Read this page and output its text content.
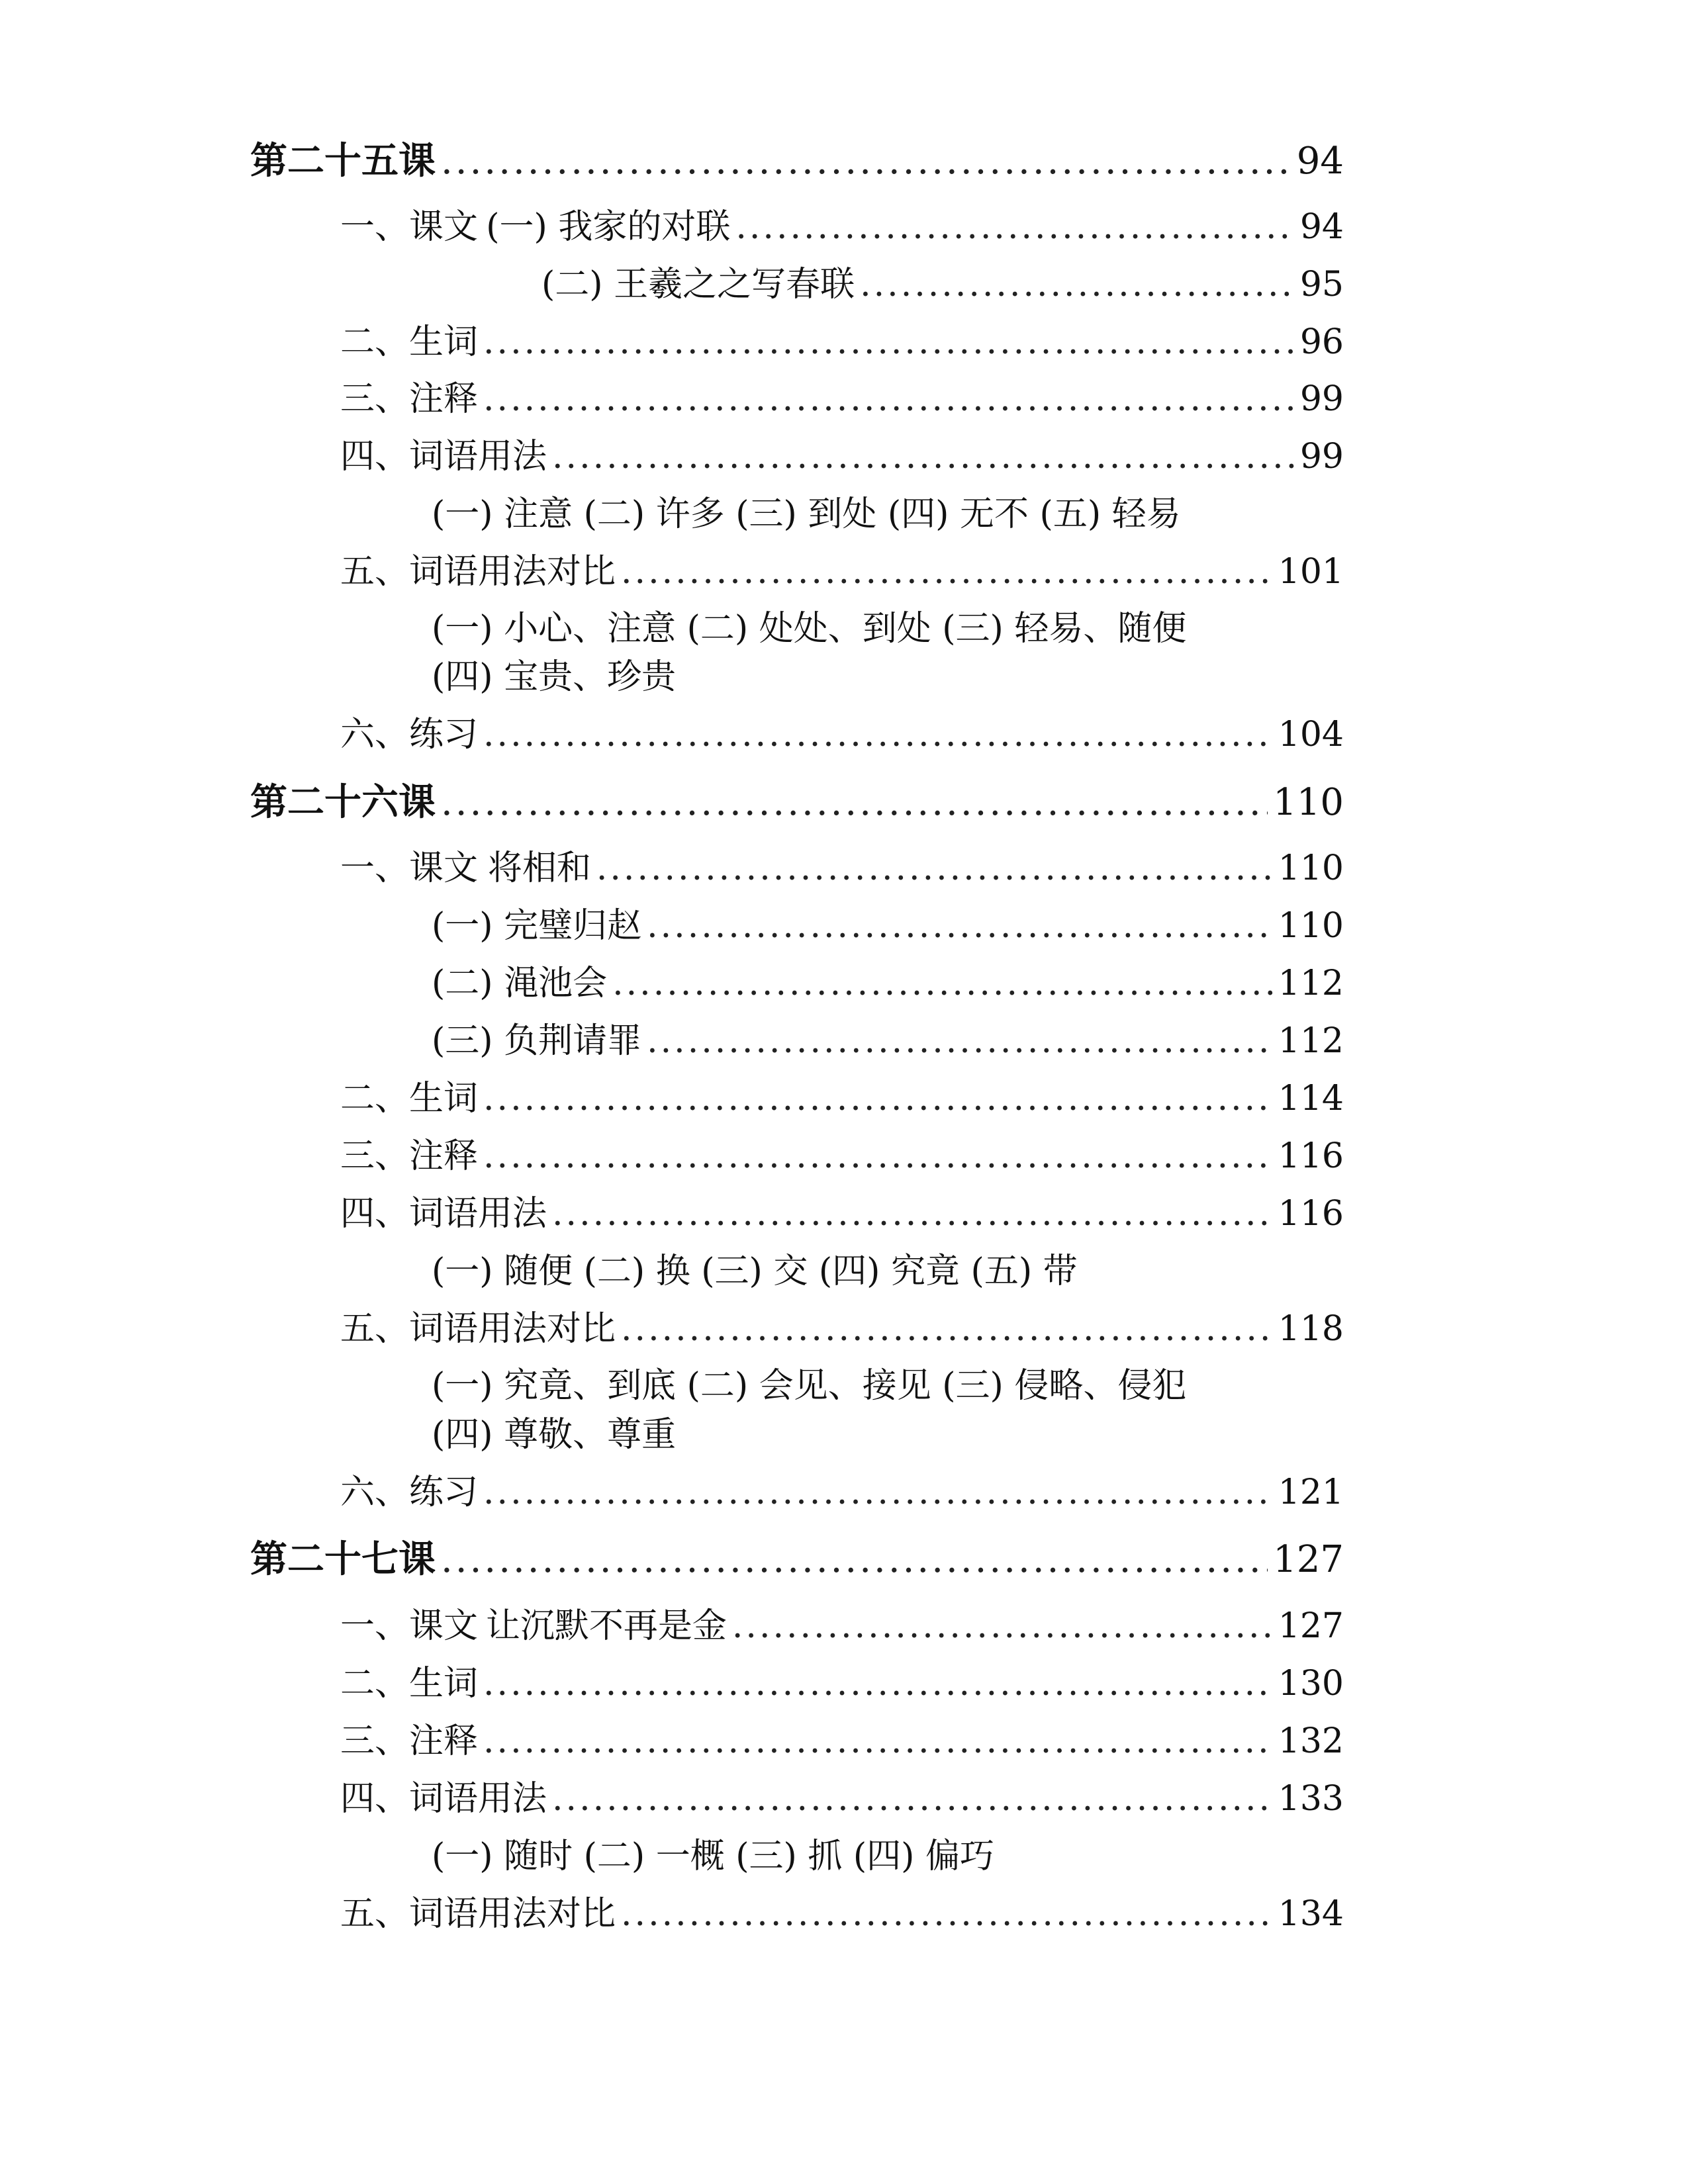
第二十五课 .....	94
一、课文 (一) 我家的对联 .....	94
(二) 王羲之之写春联 .....	95
二、生词 .....	96
三、注释 .....	99
四、词语用法 .....	99
(一) 注意 (二) 许多 (三) 到处 (四) 无不 (五) 轻易
五、词语用法对比 .....	101
(一) 小心、注意 (二) 处处、到处 (三) 轻易、随便
(四) 宝贵、珍贵
六、练习 .....	104
第二十六课 .....	110
一、课文 将相和 .....	110
(一) 完璧归赵 .....	110
(二) 渑池会 .....	112
(三) 负荆请罪 .....	112
二、生词 .....	114
三、注释 .....	116
四、词语用法 .....	116
(一) 随便 (二) 换 (三) 交 (四) 究竟 (五) 带
五、词语用法对比 .....	118
(一) 究竟、到底 (二) 会见、接见 (三) 侵略、侵犯
(四) 尊敬、尊重
六、练习 .....	121
第二十七课 .....	127
一、课文 让沉默不再是金 .....	127
二、生词 .....	130
三、注释 .....	132
四、词语用法 .....	133
(一) 随时 (二) 一概 (三) 抓 (四) 偏巧
五、词语用法对比 .....	134
